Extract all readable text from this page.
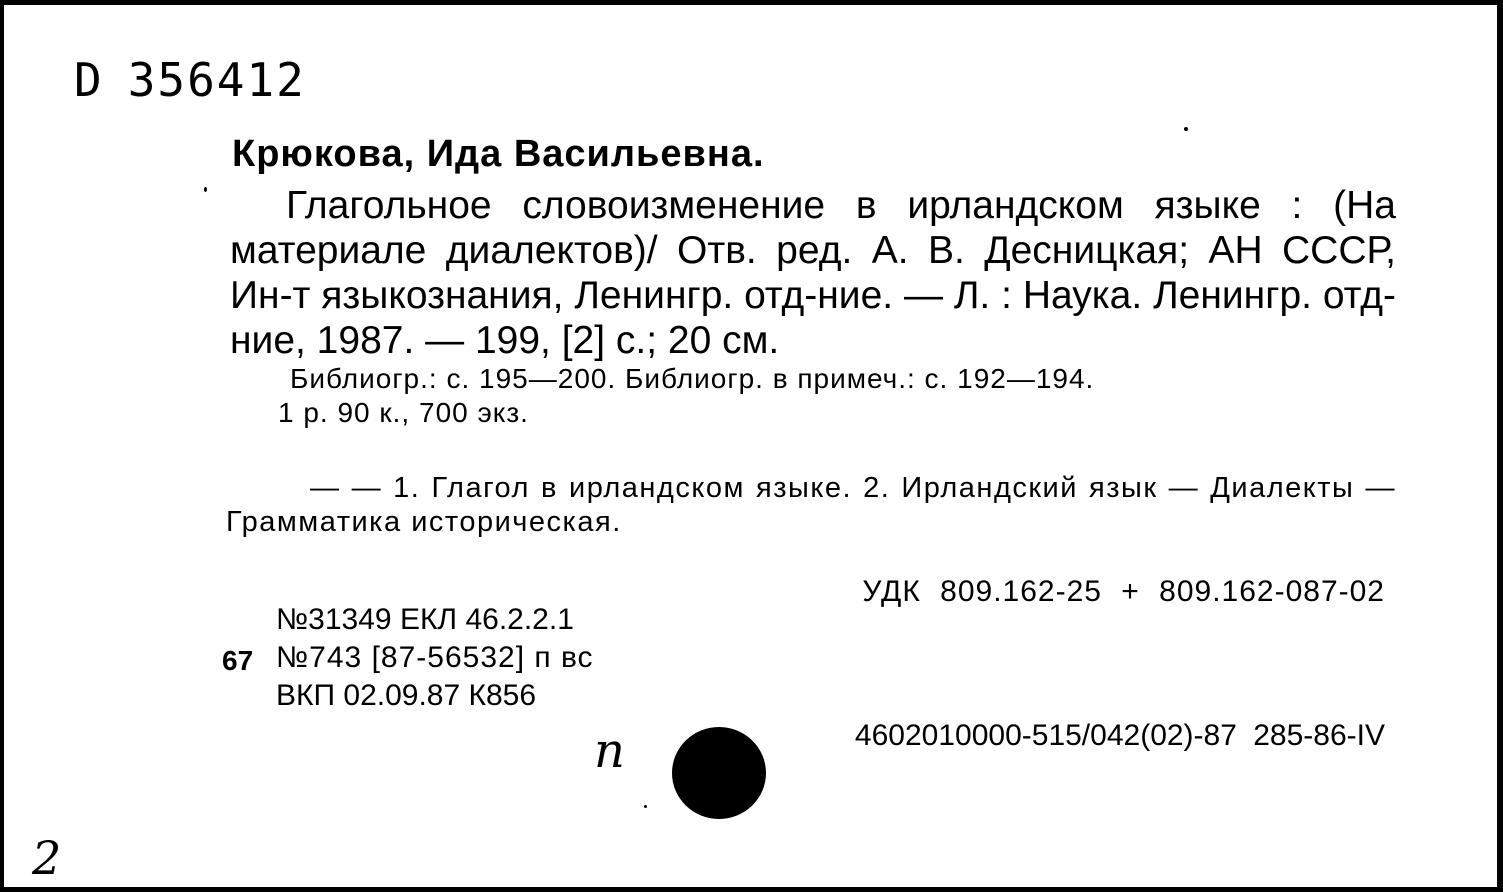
D 356412
Крюкова, Ида Васильевна.
Глагольное словоизменение в ирландском языке : (На материале диалектов)/ Отв. ред. А. В. Десницкая; АН СССР, Ин-т языкознания, Ленингр. отд-ние. — Л. : Наука. Ленингр. отд-ние, 1987. — 199, [2] с.; 20 см.
Библиогр.: с. 195—200. Библиогр. в примеч.: с. 192—194.
1 р. 90 к., 700 экз.
— — 1. Глагол в ирландском языке. 2. Ирландский язык — Диалекты — Грамматика историческая.
УДК 809.162-25 + 809.162-087-02
№31349 ЕКЛ 46.2.2.1
67 №743 [87-56532] п вс
ВКП 02.09.87 К856
4602010000-515/042(02)-87 285-86-IV
n
2
